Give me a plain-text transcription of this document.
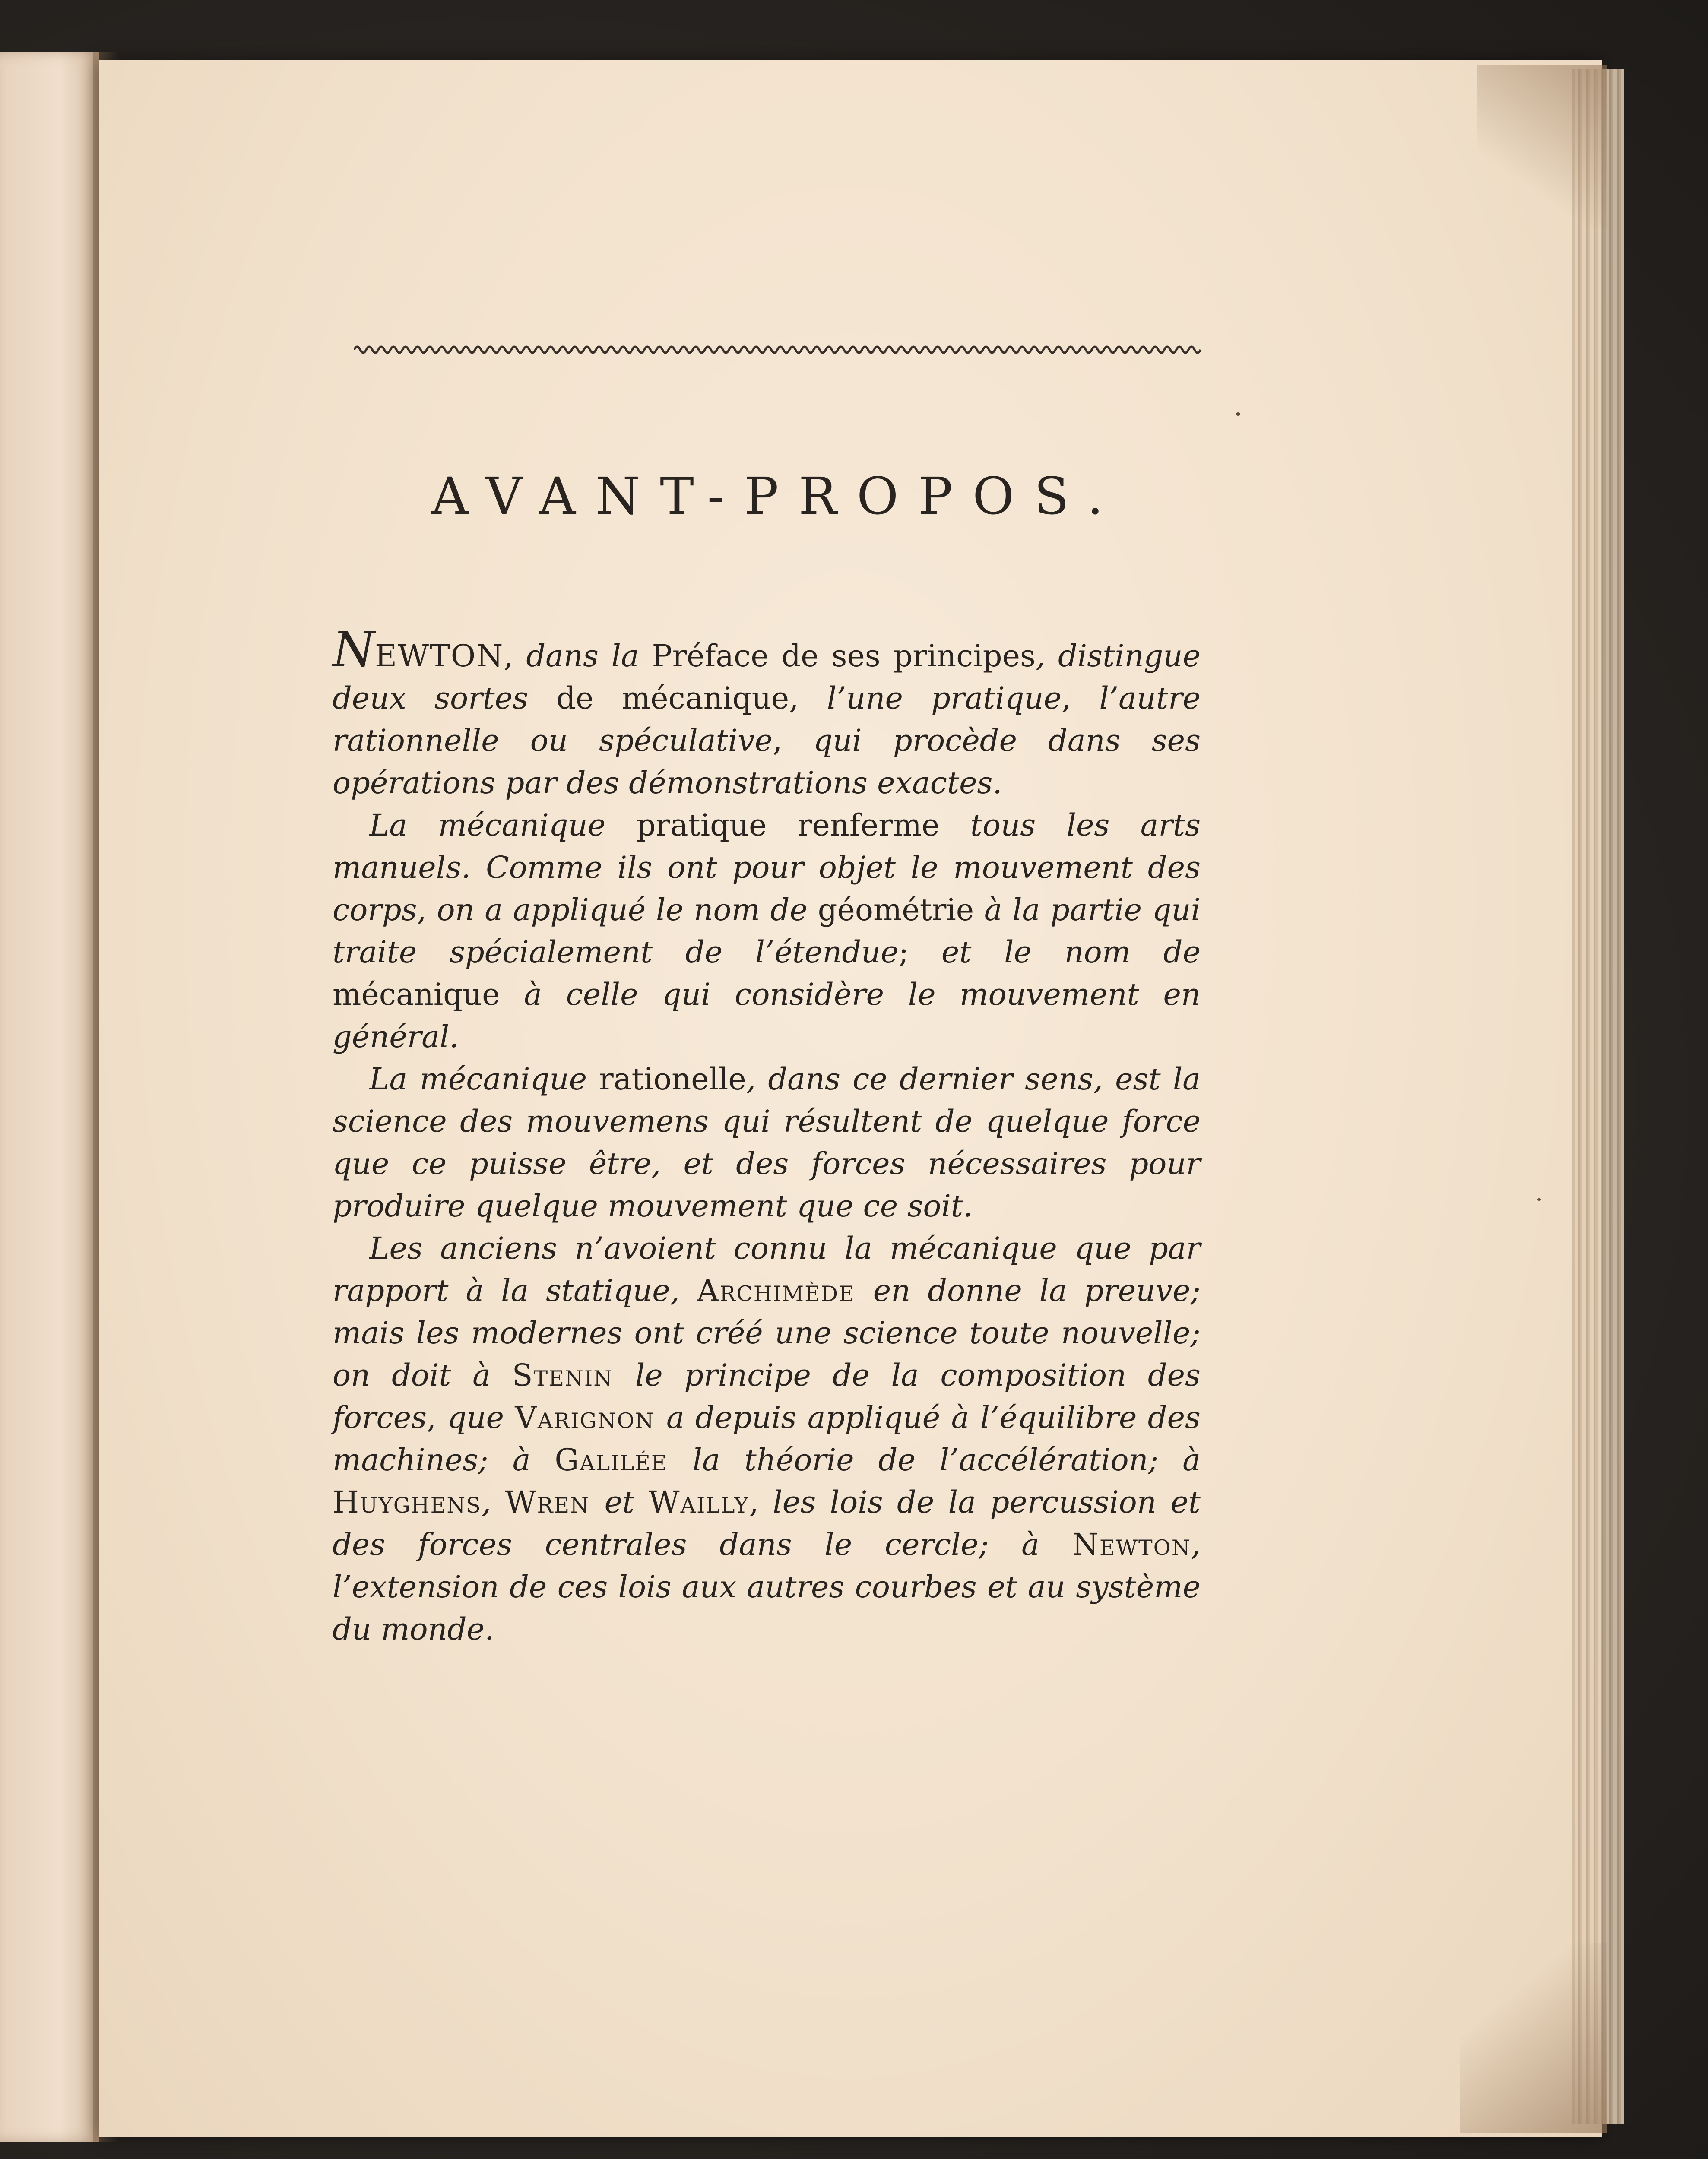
AVANT-PROPOS.

NEWTON, dans la Préface de ses principes, distingue deux sortes de mécanique, l’une pratique, l’autre rationnelle ou spéculative, qui procède dans ses opérations par des démonstrations exactes.

La mécanique pratique renferme tous les arts manuels. Comme ils ont pour objet le mouvement des corps, on a appliqué le nom de géométrie à la partie qui traite spécialement de l’étendue; et le nom de mécanique à celle qui considère le mouvement en général.

La mécanique rationelle, dans ce dernier sens, est la science des mouvemens qui résultent de quelque force que ce puisse être, et des forces nécessaires pour produire quelque mouvement que ce soit.

Les anciens n’avoient connu la mécanique que par rapport à la statique, Archimède en donne la preuve; mais les modernes ont créé une science toute nouvelle; on doit à Stenin le principe de la composition des forces, que Varignon a depuis appliqué à l’équilibre des machines; à Galilée la théorie de l’accélération; à Huyghens, Wren et Wailly, les lois de la percussion et des forces centrales dans le cercle; à Newton, l’extension de ces lois aux autres courbes et au système du monde.
